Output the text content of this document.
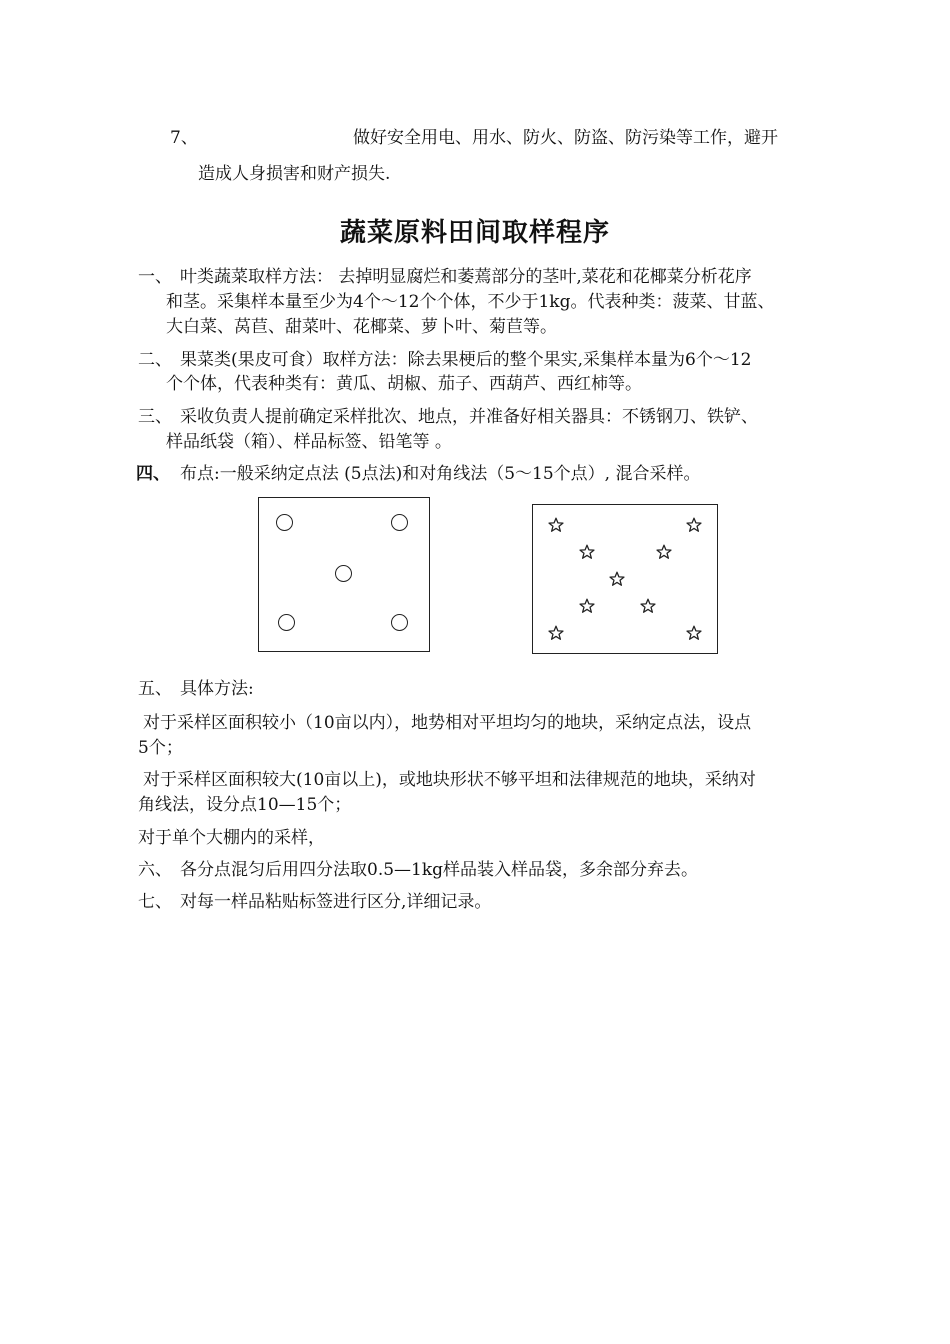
7、	做好安全用电、用水、防火、防盗、防污染等工作，避开
造成人身损害和财产损失.
蔬菜原料田间取样程序
一、 叶类蔬菜取样方法： 去掉明显腐烂和萎蔫部分的茎叶,菜花和花椰菜分析花序
和茎。采集样本量至少为4个～12个个体，不少于1kg。代表种类：菠菜、甘蓝、
大白菜、莴苣、甜菜叶、花椰菜、萝卜叶、菊苣等。
二、 果菜类(果皮可食）取样方法：除去果梗后的整个果实,采集样本量为6个～12
个个体，代表种类有：黄瓜、胡椒、茄子、西葫芦、西红柿等。
三、 采收负责人提前确定采样批次、地点，并准备好相关器具：不锈钢刀、铁铲、
样品纸袋（箱）、样品标签、铅笔等 。
四、 布点:一般采纳定点法 (5点法)和对角线法（5～15个点）, 混合采样。
五、 具体方法:
对于采样区面积较小（10亩以内），地势相对平坦均匀的地块，采纳定点法，设点
5个；
对于采样区面积较大(10亩以上)，或地块形状不够平坦和法律规范的地块，采纳对
角线法，设分点10—15个；
对于单个大棚内的采样，
六、 各分点混匀后用四分法取0.5—1kg样品装入样品袋，多余部分弃去。
七、 对每一样品粘贴标签进行区分,详细记录。
